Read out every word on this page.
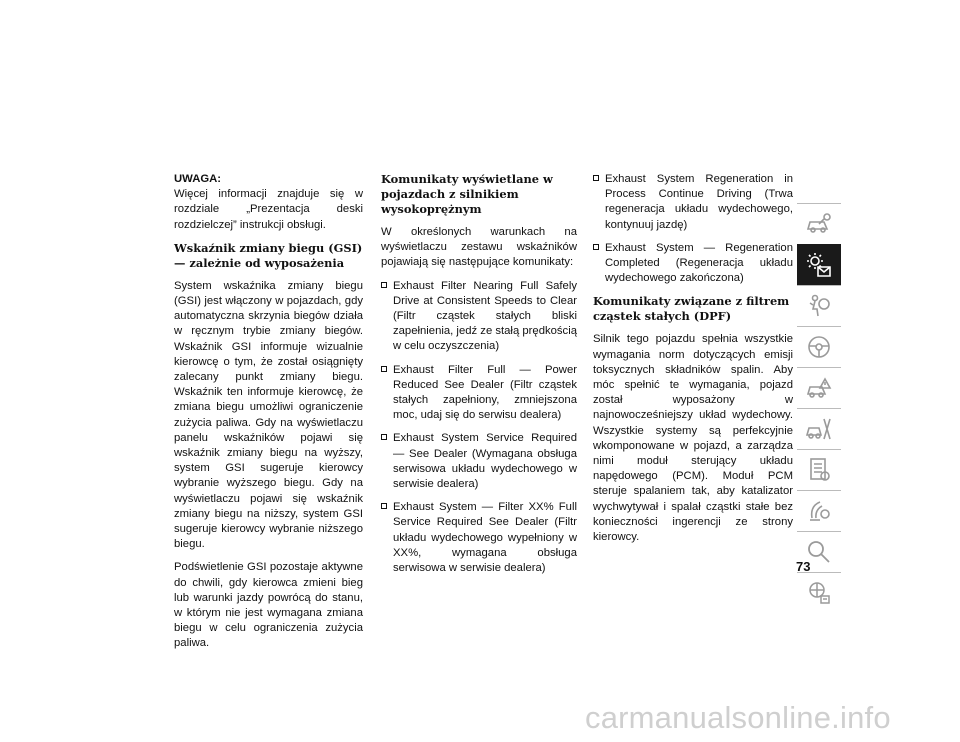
UWAGA:
Więcej informacji znajduje się w rozdziale „Prezentacja deski rozdzielczej” instrukcji obsługi.

Wskaźnik zmiany biegu (GSI) — zależnie od wyposażenia

System wskaźnika zmiany biegu (GSI) jest włączony w pojazdach, gdy automatyczna skrzynia biegów działa w ręcznym trybie zmiany biegów. Wskaźnik GSI informuje wizualnie kierowcę o tym, że został osiągnięty zalecany punkt zmiany biegu. Wskaźnik ten informuje kierowcę, że zmiana biegu umożliwi ograniczenie zużycia paliwa. Gdy na wyświetlaczu panelu wskaźników pojawi się wskaźnik zmiany biegu na wyższy, system GSI sugeruje kierowcy wybranie wyższego biegu. Gdy na wyświetlaczu pojawi się wskaźnik zmiany biegu na niższy, system GSI sugeruje kierowcy wybranie niższego biegu.

Podświetlenie GSI pozostaje aktywne do chwili, gdy kierowca zmieni bieg lub warunki jazdy powrócą do stanu, w którym nie jest wymagana zmiana biegu w celu ograniczenia zużycia paliwa.

Komunikaty wyświetlane w pojazdach z silnikiem wysokoprężnym

W określonych warunkach na wyświetlaczu zestawu wskaźników pojawiają się następujące komunikaty:

Exhaust Filter Nearing Full Safely Drive at Consistent Speeds to Clear (Filtr cząstek stałych bliski zapełnienia, jedź ze stałą prędkością w celu oczyszczenia)
Exhaust Filter Full — Power Reduced See Dealer (Filtr cząstek stałych zapełniony, zmniejszona moc, udaj się do serwisu dealera)
Exhaust System Service Required — See Dealer (Wymagana obsługa serwisowa układu wydechowego w serwisie dealera)
Exhaust System — Filter XX% Full Service Required See Dealer (Filtr układu wydechowego wypełniony w XX%, wymagana obsługa serwisowa w serwisie dealera)
Exhaust System Regeneration in Process Continue Driving (Trwa regeneracja układu wydechowego, kontynuuj jazdę)
Exhaust System — Regeneration Completed (Regeneracja układu wydechowego zakończona)
Komunikaty związane z filtrem cząstek stałych (DPF)

Silnik tego pojazdu spełnia wszystkie wymagania norm dotyczących emisji toksycznych składników spalin. Aby móc spełnić te wymagania, pojazd został wyposażony w najnowocześniejszy układ wydechowy. Wszystkie systemy są perfekcyjnie wkomponowane w pojazd, a zarządza nimi moduł sterujący układu napędowego (PCM). Moduł PCM steruje spalaniem tak, aby katalizator wychwytywał i spalał cząstki stałe bez konieczności ingerencji ze strony kierowcy.

73
carmanualsonline.info
